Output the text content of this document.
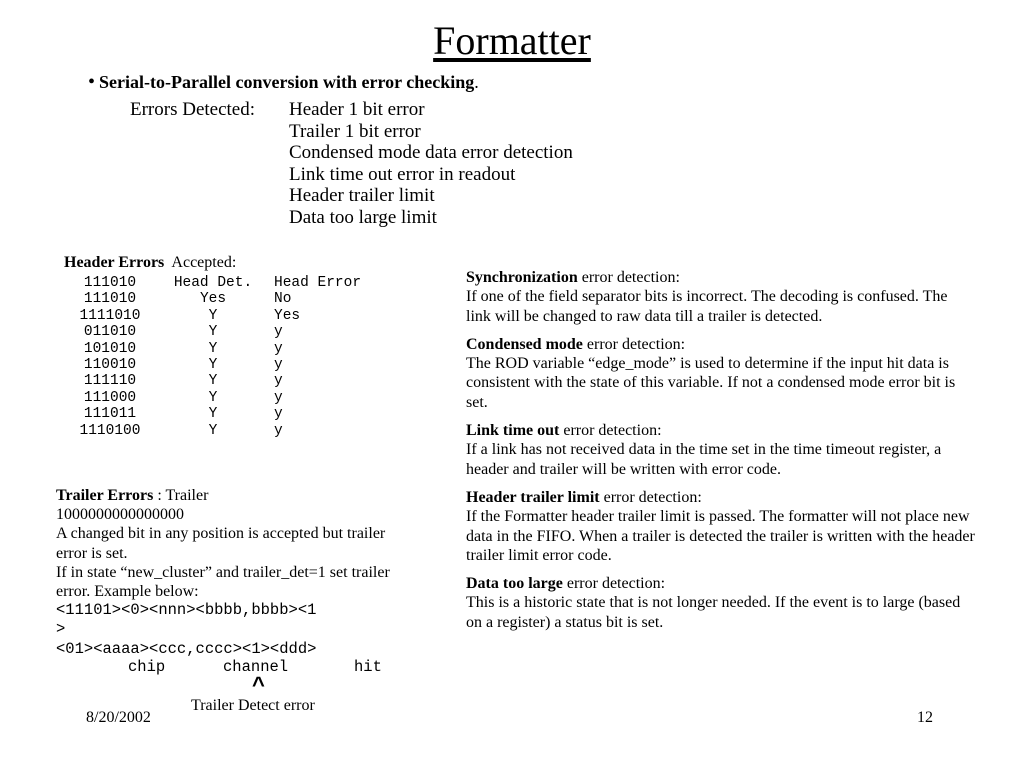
Formatter
• Serial-to-Parallel conversion with error checking.
Errors Detected: Header 1 bit error
Trailer 1 bit error
Condensed mode data error detection
Link time out error in readout
Header trailer limit
Data too large limit
Header Errors Accepted:
111010	Head Det.	Head Error
111010	Yes	No
1111010	Y	Yes
011010	Y	y
101010	Y	y
110010	Y	y
111110	Y	y
111000	Y	y
111011	Y	y
1110100	Y	y
Trailer Errors : Trailer
1000000000000000
A changed bit in any position is accepted but trailer error is set.
If in state “new_cluster” and trailer_det=1 set trailer error. Example below:
<11101><0><nnn><bbbb,bbbb><1
>
<01><aaaa><ccc,cccc><1><ddd>
chip	channel	hit
^
Trailer Detect error
Synchronization error detection:
If one of the field separator bits is incorrect. The decoding is confused. The link will be changed to raw data till a trailer is detected.
Condensed mode error detection:
The ROD variable “edge_mode” is used to determine if the input hit data is consistent with the state of this variable. If not a condensed mode error bit is set.
Link time out error detection:
If a link has not received data in the time set in the time timeout register, a header and trailer will be written with error code.
Header trailer limit error detection:
If the Formatter header trailer limit is passed. The formatter will not place new data in the FIFO. When a trailer is detected the trailer is written with the header trailer limit error code.
Data too large error detection:
This is a historic state that is not longer needed. If the event is to large (based on a register) a status bit is set.
8/20/2002	12
